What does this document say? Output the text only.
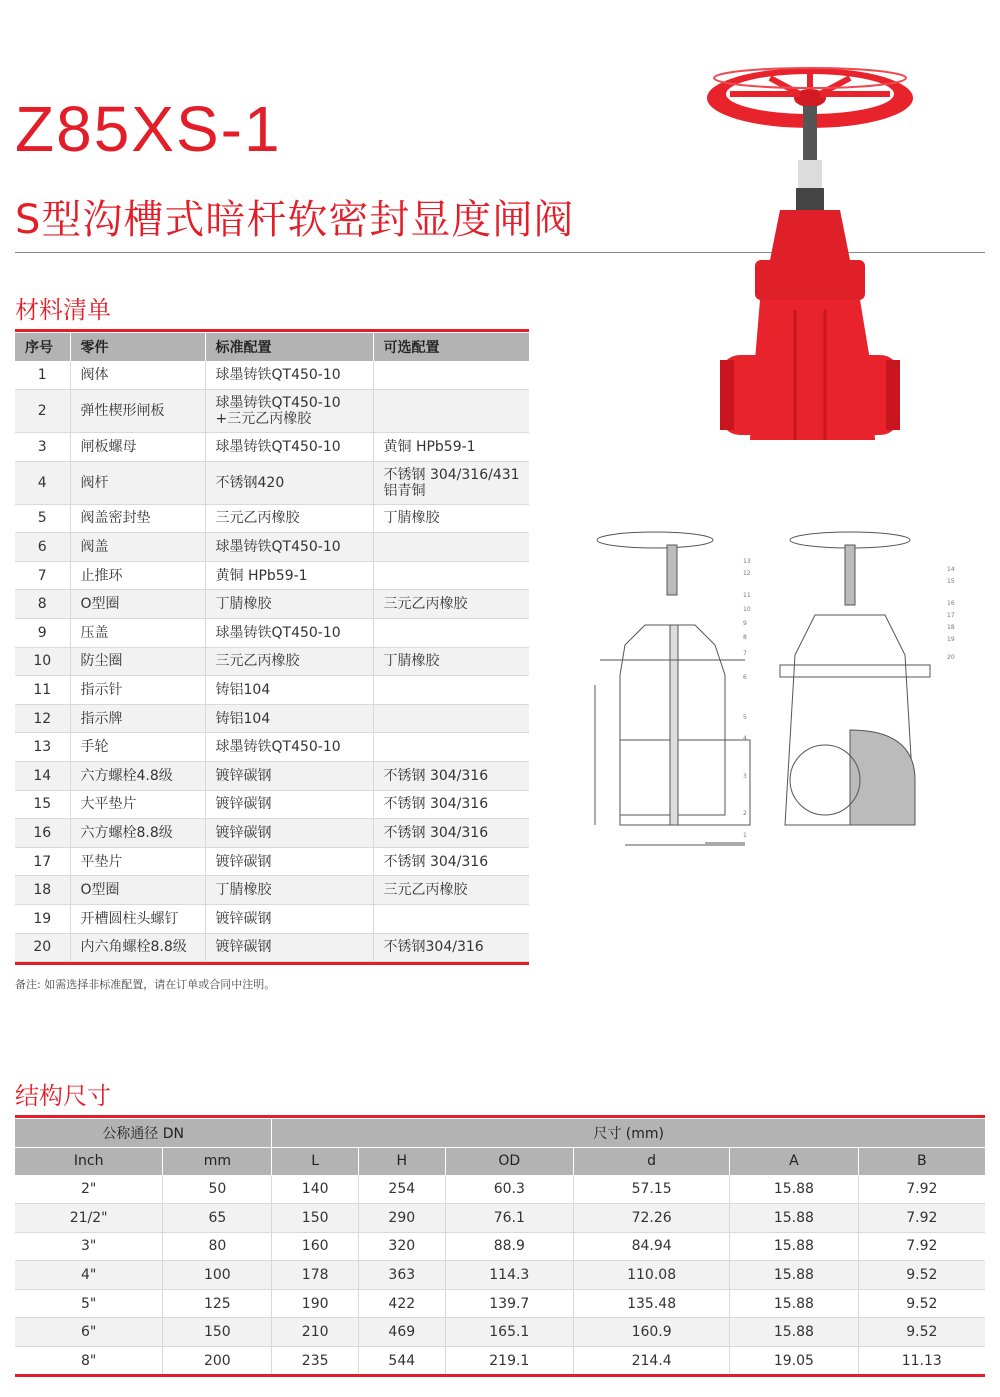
Z85XS-1
S型沟槽式暗杆软密封显度闸阀
13
12
11
10
9
8
7
6
5
4
3
2
1
14
15
16
17
18
19
20
材料清单
序号	零件	标准配置	可选配置

1	阀体	球墨铸铁QT450-10	

2	弹性楔形闸板	球墨铸铁QT450-10
+三元乙丙橡胶	

3	闸板螺母	球墨铸铁QT450-10	黄铜 HPb59-1

4	阀杆	不锈钢420	不锈钢 304/316/431
铝青铜

5	阀盖密封垫	三元乙丙橡胶	丁腈橡胶

6	阀盖	球墨铸铁QT450-10	

7	止推环	黄铜 HPb59-1	

8	O型圈	丁腈橡胶	三元乙丙橡胶

9	压盖	球墨铸铁QT450-10	

10	防尘圈	三元乙丙橡胶	丁腈橡胶

11	指示针	铸铝104	

12	指示牌	铸铝104	

13	手轮	球墨铸铁QT450-10	

14	六方螺栓4.8级	镀锌碳钢	不锈钢 304/316

15	大平垫片	镀锌碳钢	不锈钢 304/316

16	六方螺栓8.8级	镀锌碳钢	不锈钢 304/316

17	平垫片	镀锌碳钢	不锈钢 304/316

18	O型圈	丁腈橡胶	三元乙丙橡胶

19	开槽圆柱头螺钉	镀锌碳钢	

20	内六角螺栓8.8级	镀锌碳钢	不锈钢304/316
备注: 如需选择非标准配置，请在订单或合同中注明。
结构尺寸
公称通径 DN		尺寸 (mm)					
Inch	mm	L	H	OD	d	A	B
2"	50	140	254	60.3	57.15	15.88	7.92
21/2"	65	150	290	76.1	72.26	15.88	7.92
3"	80	160	320	88.9	84.94	15.88	7.92
4"	100	178	363	114.3	110.08	15.88	9.52
5"	125	190	422	139.7	135.48	15.88	9.52
6"	150	210	469	165.1	160.9	15.88	9.52
8"	200	235	544	219.1	214.4	19.05	11.13
